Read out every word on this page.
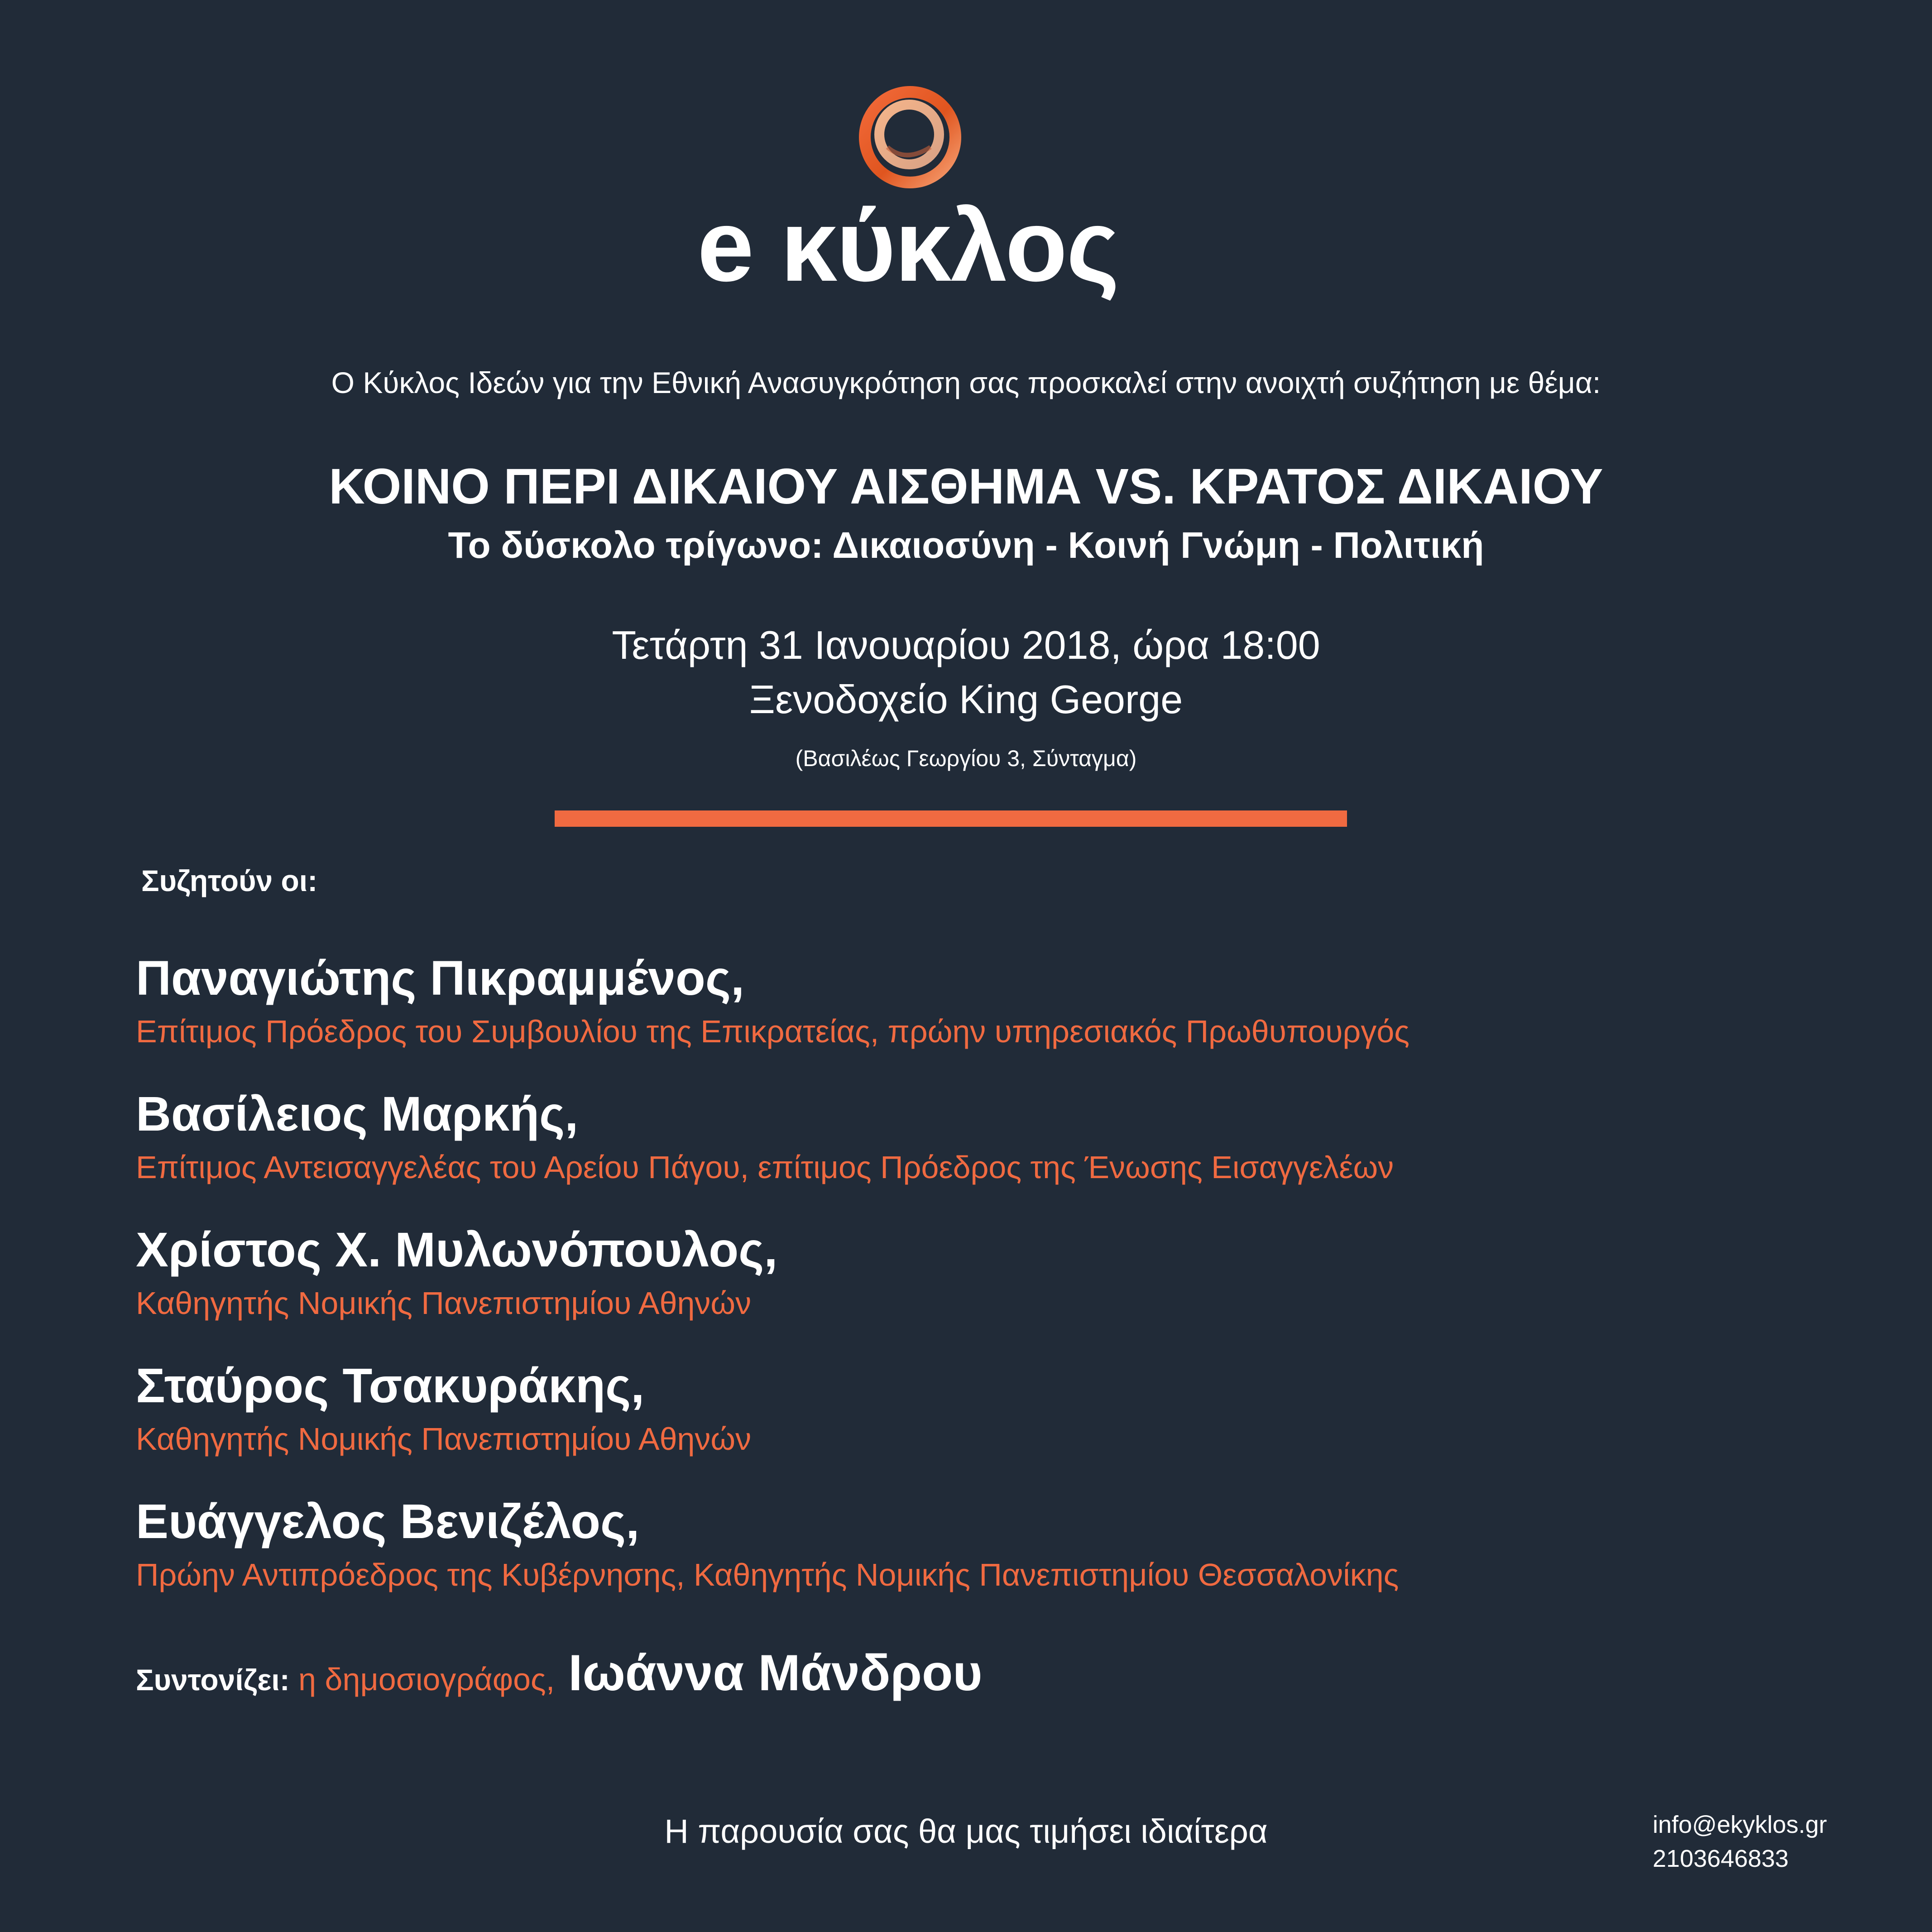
e κύκλος
Ο Κύκλος Ιδεών για την Εθνική Ανασυγκρότηση σας προσκαλεί στην ανοιχτή συζήτηση με θέμα:
ΚΟΙΝΟ ΠΕΡΙ ΔΙΚΑΙΟΥ ΑΙΣΘΗΜΑ VS. ΚΡΑΤΟΣ ΔΙΚΑΙΟΥ
Το δύσκολο τρίγωνο: Δικαιοσύνη - Κοινή Γνώμη - Πολιτική
Τετάρτη 31 Ιανουαρίου 2018, ώρα 18:00
Ξενοδοχείο King George
(Βασιλέως Γεωργίου 3, Σύνταγμα)
Συζητούν οι:
Παναγιώτης Πικραμμένος,
Επίτιμος Πρόεδρος του Συμβουλίου της Επικρατείας, πρώην υπηρεσιακός Πρωθυπουργός
Βασίλειος Μαρκής,
Επίτιμος Αντεισαγγελέας του Αρείου Πάγου, επίτιμος Πρόεδρος της Ένωσης Εισαγγελέων
Χρίστος Χ. Μυλωνόπουλος,
Καθηγητής Νομικής Πανεπιστημίου Αθηνών
Σταύρος Τσακυράκης,
Καθηγητής Νομικής Πανεπιστημίου Αθηνών
Ευάγγελος Βενιζέλος,
Πρώην Αντιπρόεδρος της Κυβέρνησης, Καθηγητής Νομικής Πανεπιστημίου Θεσσαλονίκης
Συντονίζει: η δημοσιογράφος, Ιωάννα Μάνδρου
Η παρουσία σας θα μας τιμήσει ιδιαίτερα	info@ekyklos.gr
2103646833
